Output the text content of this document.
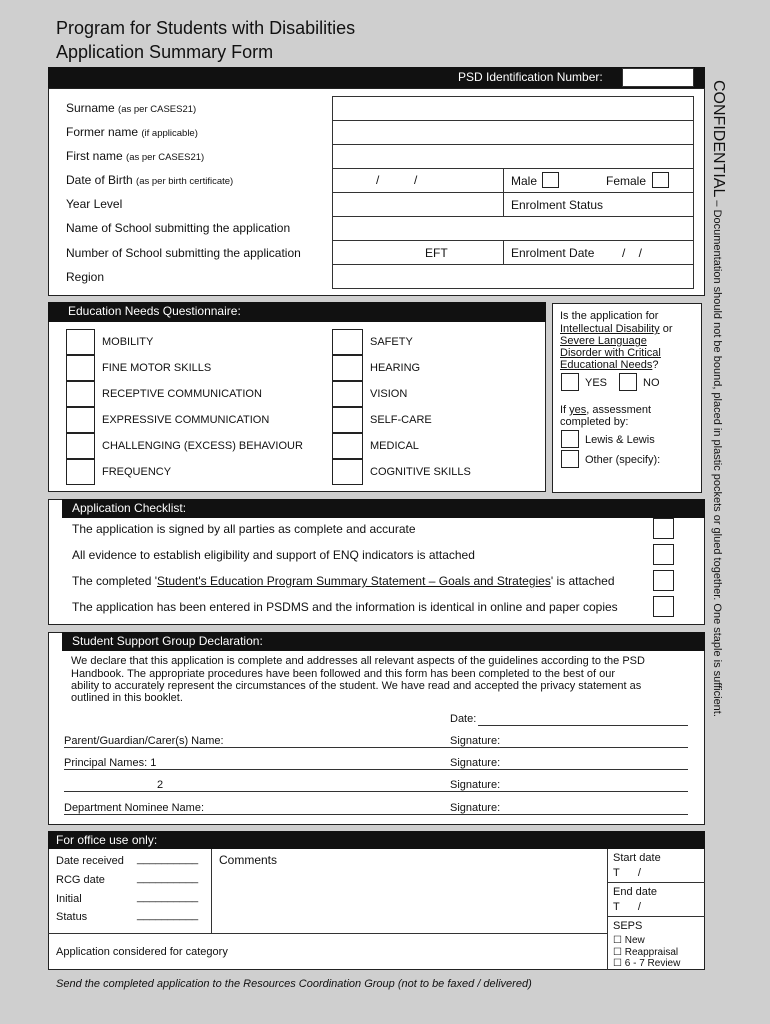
Program for Students with Disabilities
Application Summary Form
CONFIDENTIAL – Documentation should not be bound, placed in plastic pockets or glued together. One staple is sufficient.
PSD Identification Number:
Surname (as per CASES21)
Former name (if applicable)
First name (as per CASES21)
Date of Birth (as per birth certificate)	/	/	Male	Female
Year Level	Enrolment Status
Name of School submitting the application
Number of School submitting the application	EFT	Enrolment Date /    /
Region
Education Needs Questionnaire:
MOBILITY
FINE MOTOR SKILLS
RECEPTIVE COMMUNICATION
EXPRESSIVE COMMUNICATION
CHALLENGING (EXCESS) BEHAVIOUR
FREQUENCY
SAFETY
HEARING
VISION
SELF-CARE
MEDICAL
COGNITIVE SKILLS
Is the application for
Intellectual Disability or
Severe Language
Disorder with Critical
Educational Needs?
YES	NO
If yes, assessment
completed by:
Lewis & Lewis
Other (specify):
Application Checklist:
The application is signed by all parties as complete and accurate
All evidence to establish eligibility and support of ENQ indicators is attached
The completed 'Student's Education Program Summary Statement – Goals and Strategies' is attached
The application has been entered in PSDMS and the information is identical in online and paper copies
Student Support Group Declaration:
We declare that this application is complete and addresses all relevant aspects of the guidelines according to the PSD
Handbook. The appropriate procedures have been followed and this form has been completed to the best of our
ability to accurately represent the circumstances of the student. We have read and accepted the privacy statement as
outlined in this booklet.
Date:
Parent/Guardian/Carer(s) Name:	Signature:
Principal Names: 1	Signature:
2	Signature:
Department Nominee Name:	Signature:
For office use only:
Date received __________
RCG date	__________
Initial	__________
Status	__________
Comments	Start date
T      /
End date
T      /
SEPS
☐ New
☐ Reappraisal
☐ 6 - 7 Review
Application considered for category
Send the completed application to the Resources Coordination Group (not to be faxed / delivered)
